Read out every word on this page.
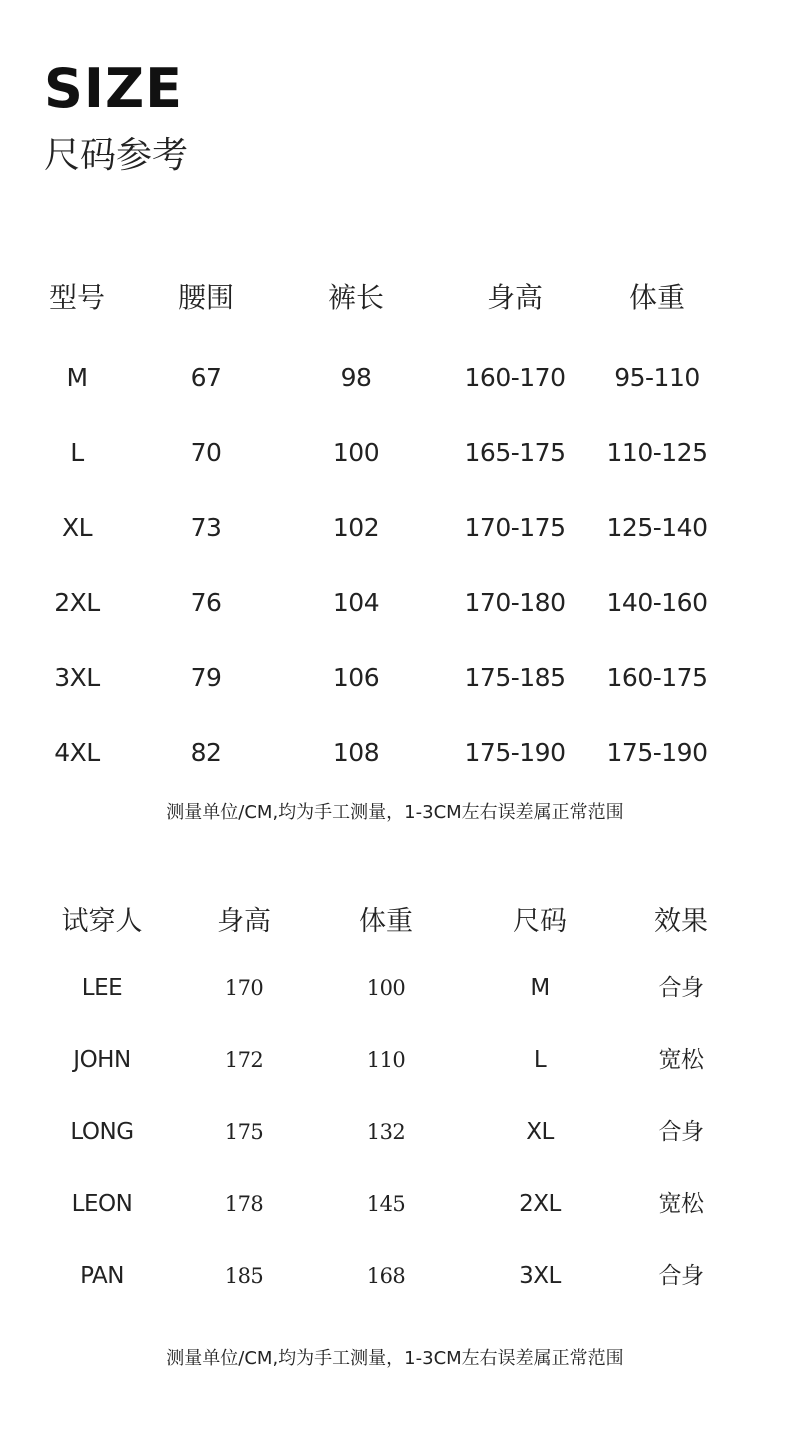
SIZE
尺码参考
型号	腰围	裤长	身高	体重
M	67	98	160-170	95-110
L	70	100	165-175	110-125
XL	73	102	170-175	125-140
2XL	76	104	170-180	140-160
3XL	79	106	175-185	160-175
4XL	82	108	175-190	175-190
测量单位/CM,均为手工测量，1-3CM左右误差属正常范围
试穿人	身高	体重	尺码	效果
LEE	170	100	M	合身
JOHN	172	110	L	宽松
LONG	175	132	XL	合身
LEON	178	145	2XL	宽松
PAN	185	168	3XL	合身
测量单位/CM,均为手工测量，1-3CM左右误差属正常范围
